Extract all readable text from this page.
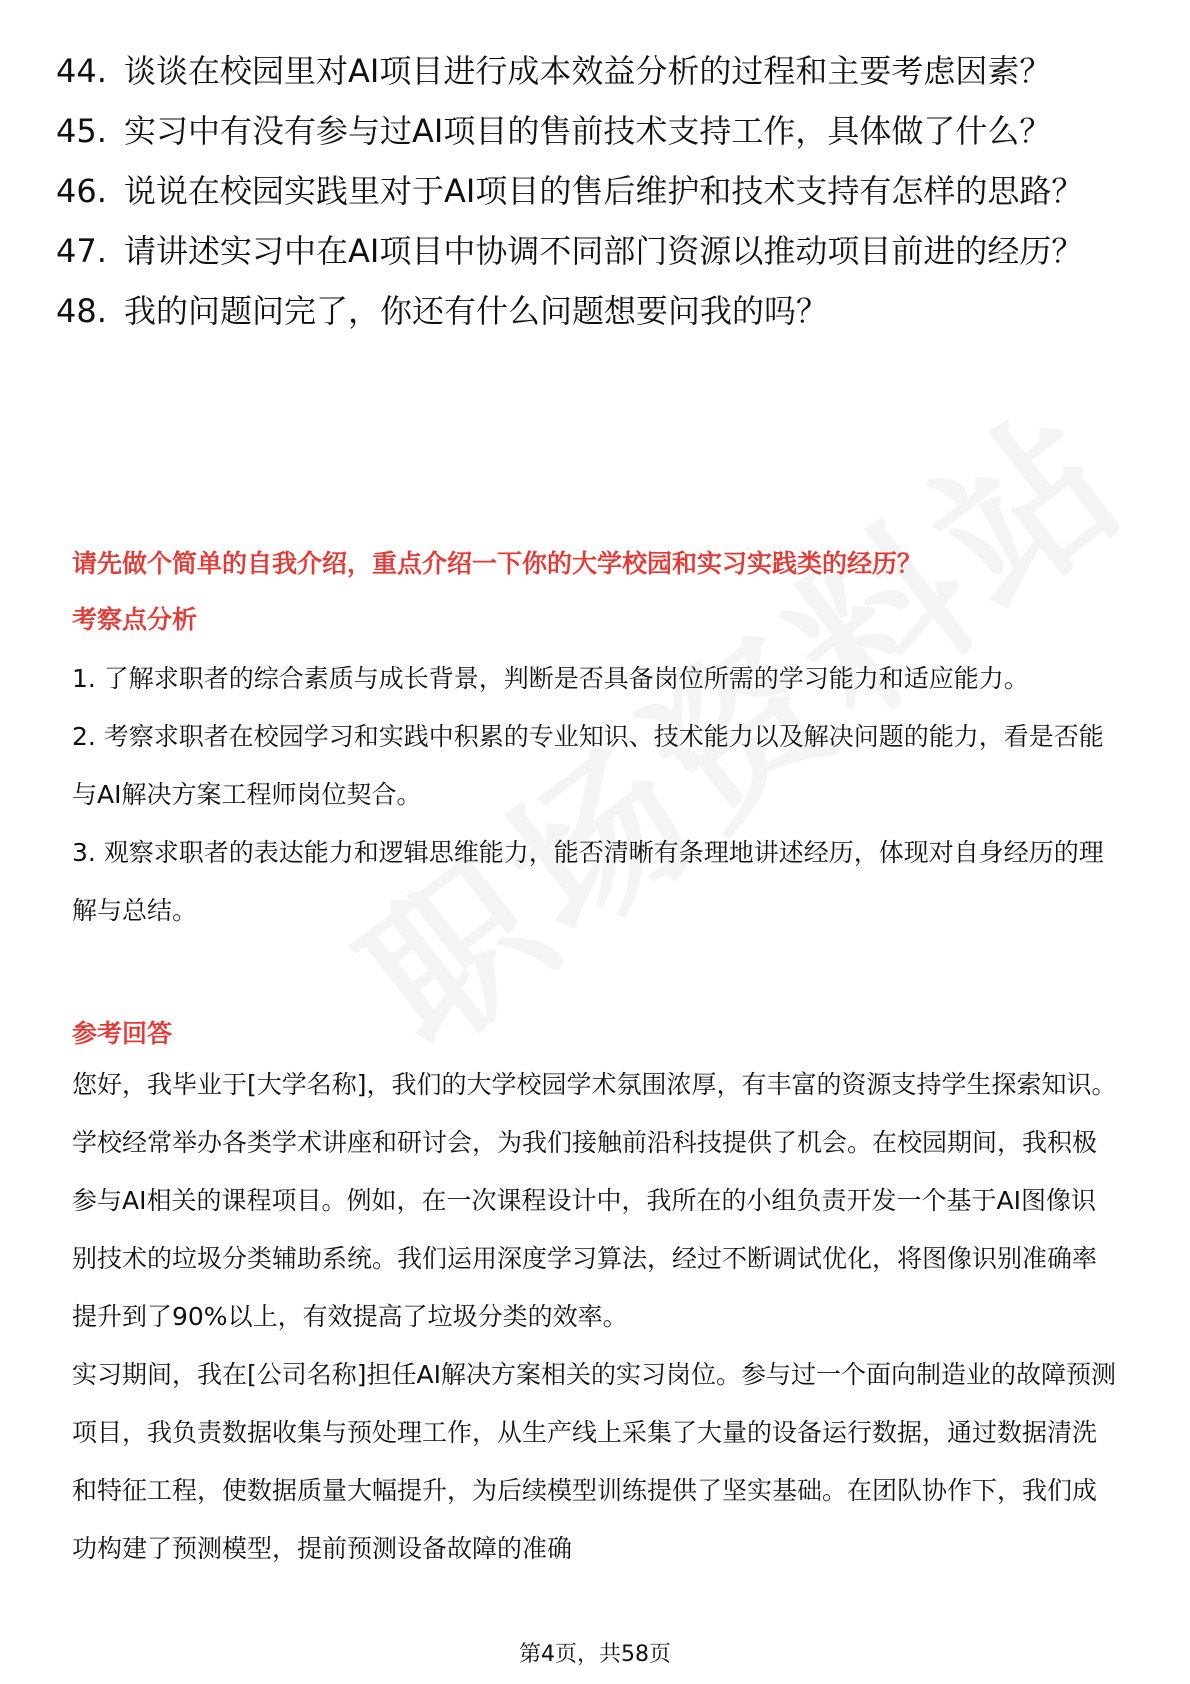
44. 谈谈在校园里对AI项目进行成本效益分析的过程和主要考虑因素？
45. 实习中有没有参与过AI项目的售前技术支持工作，具体做了什么？
46. 说说在校园实践里对于AI项目的售后维护和技术支持有怎样的思路？
47. 请讲述实习中在AI项目中协调不同部门资源以推动项目前进的经历？
48. 我的问题问完了，你还有什么问题想要问我的吗？
请先做个简单的自我介绍，重点介绍一下你的大学校园和实习实践类的经历？
考察点分析

1. 了解求职者的综合素质与成长背景，判断是否具备岗位所需的学习能力和适应能力。

2. 考察求职者在校园学习和实践中积累的专业知识、技术能力以及解决问题的能力，看是否能与AI解决方案工程师岗位契合。

3. 观察求职者的表达能力和逻辑思维能力，能否清晰有条理地讲述经历，体现对自身经历的理解与总结。

参考回答

您好，我毕业于[大学名称]，我们的大学校园学术氛围浓厚，有丰富的资源支持学生探索知识。学校经常举办各类学术讲座和研讨会，为我们接触前沿科技提供了机会。在校园期间，我积极参与AI相关的课程项目。例如，在一次课程设计中，我所在的小组负责开发一个基于AI图像识别技术的垃圾分类辅助系统。我们运用深度学习算法，经过不断调试优化，将图像识别准确率提升到了90%以上，有效提高了垃圾分类的效率。

实习期间，我在[公司名称]担任AI解决方案相关的实习岗位。参与过一个面向制造业的故障预测项目，我负责数据收集与预处理工作，从生产线上采集了大量的设备运行数据，通过数据清洗和特征工程，使数据质量大幅提升，为后续模型训练提供了坚实基础。在团队协作下，我们成功构建了预测模型，提前预测设备故障的准确

第4页，共58页
